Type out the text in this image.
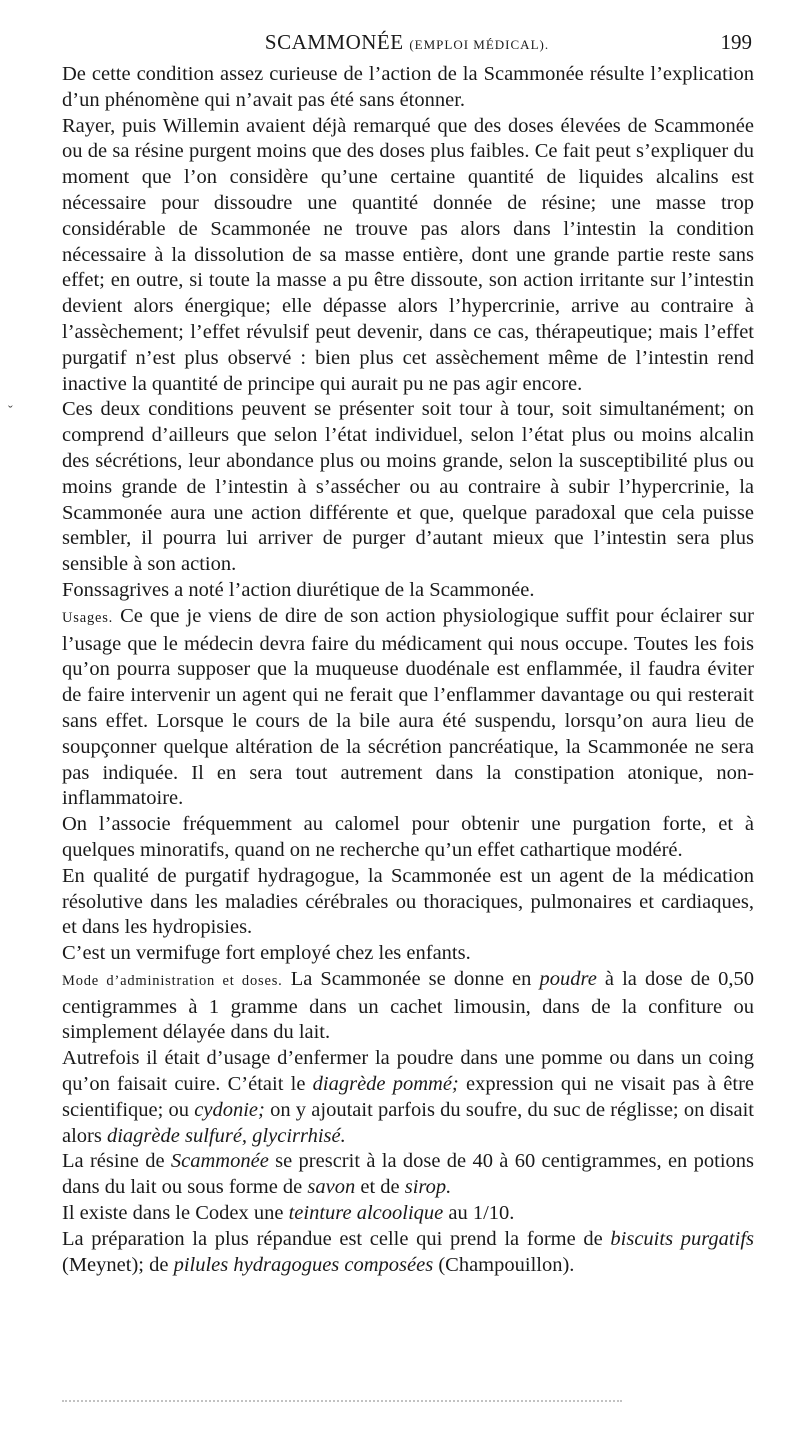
SCAMMONÉE (EMPLOI MÉDICAL).	199
ˇ

De cette condition assez curieuse de l’action de la Scammonée résulte l’explication d’un phénomène qui n’avait pas été sans étonner.

Rayer, puis Willemin avaient déjà remarqué que des doses élevées de Scammonée ou de sa résine purgent moins que des doses plus faibles. Ce fait peut s’expliquer du moment que l’on considère qu’une certaine quantité de liquides alcalins est nécessaire pour dissoudre une quantité donnée de résine; une masse trop considérable de Scammonée ne trouve pas alors dans l’intestin la condition nécessaire à la dissolution de sa masse entière, dont une grande partie reste sans effet; en outre, si toute la masse a pu être dissoute, son action irritante sur l’intestin devient alors énergique; elle dépasse alors l’hypercrinie, arrive au contraire à l’assèchement; l’effet révulsif peut devenir, dans ce cas, thérapeutique; mais l’effet purgatif n’est plus observé : bien plus cet assèchement même de l’intestin rend inactive la quantité de principe qui aurait pu ne pas agir encore.

Ces deux conditions peuvent se présenter soit tour à tour, soit simultanément; on comprend d’ailleurs que selon l’état individuel, selon l’état plus ou moins alcalin des sécrétions, leur abondance plus ou moins grande, selon la susceptibilité plus ou moins grande de l’intestin à s’assécher ou au contraire à subir l’hypercrinie, la Scammonée aura une action différente et que, quelque paradoxal que cela puisse sembler, il pourra lui arriver de purger d’autant mieux que l’intestin sera plus sensible à son action.

Fonssagrives a noté l’action diurétique de la Scammonée.

Usages. Ce que je viens de dire de son action physiologique suffit pour éclairer sur l’usage que le médecin devra faire du médicament qui nous occupe. Toutes les fois qu’on pourra supposer que la muqueuse duodénale est enflammée, il faudra éviter de faire intervenir un agent qui ne ferait que l’enflammer davantage ou qui resterait sans effet. Lorsque le cours de la bile aura été suspendu, lorsqu’on aura lieu de soupçonner quelque altération de la sécrétion pancréatique, la Scammonée ne sera pas indiquée. Il en sera tout autrement dans la constipation atonique, non-inflammatoire.

On l’associe fréquemment au calomel pour obtenir une purgation forte, et à quelques minoratifs, quand on ne recherche qu’un effet cathartique modéré.

En qualité de purgatif hydragogue, la Scammonée est un agent de la médication résolutive dans les maladies cérébrales ou thoraciques, pulmonaires et cardiaques, et dans les hydropisies.

C’est un vermifuge fort employé chez les enfants.

Mode d’administration et doses. La Scammonée se donne en poudre à la dose de 0,50 centigrammes à 1 gramme dans un cachet limousin, dans de la confiture ou simplement délayée dans du lait.

Autrefois il était d’usage d’enfermer la poudre dans une pomme ou dans un coing qu’on faisait cuire. C’était le diagrède pommé; expression qui ne visait pas à être scientifique; ou cydonie; on y ajoutait parfois du soufre, du suc de réglisse; on disait alors diagrède sulfuré, glycirrhisé.

La résine de Scammonée se prescrit à la dose de 40 à 60 centigrammes, en potions dans du lait ou sous forme de savon et de sirop.

Il existe dans le Codex une teinture alcoolique au 1/10.

La préparation la plus répandue est celle qui prend la forme de biscuits purgatifs (Meynet); de pilules hydragogues composées (Champouillon).
